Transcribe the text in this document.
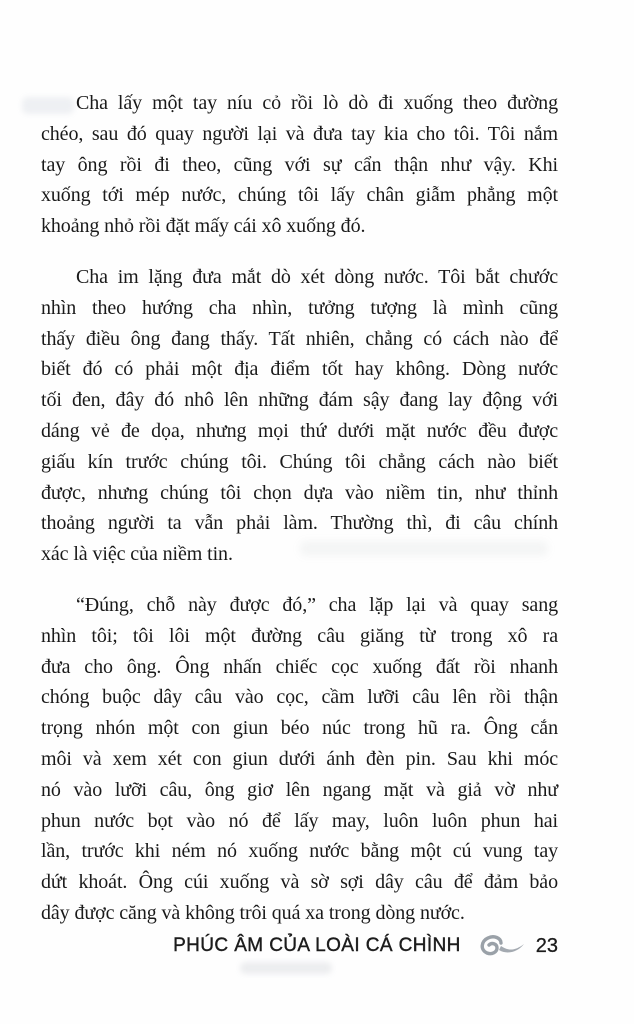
Cha lấy một tay níu cỏ rồi lò dò đi xuống theo đường
chéo, sau đó quay người lại và đưa tay kia cho tôi. Tôi nắm
tay ông rồi đi theo, cũng với sự cẩn thận như vậy. Khi
xuống tới mép nước, chúng tôi lấy chân giẫm phẳng một
khoảng nhỏ rồi đặt mấy cái xô xuống đó.

Cha im lặng đưa mắt dò xét dòng nước. Tôi bắt chước
nhìn theo hướng cha nhìn, tưởng tượng là mình cũng
thấy điều ông đang thấy. Tất nhiên, chẳng có cách nào để
biết đó có phải một địa điểm tốt hay không. Dòng nước
tối đen, đây đó nhô lên những đám sậy đang lay động với
dáng vẻ đe dọa, nhưng mọi thứ dưới mặt nước đều được
giấu kín trước chúng tôi. Chúng tôi chẳng cách nào biết
được, nhưng chúng tôi chọn dựa vào niềm tin, như thỉnh
thoảng người ta vẫn phải làm. Thường thì, đi câu chính
xác là việc của niềm tin.

“Đúng, chỗ này được đó,” cha lặp lại và quay sang
nhìn tôi; tôi lôi một đường câu giăng từ trong xô ra
đưa cho ông. Ông nhấn chiếc cọc xuống đất rồi nhanh
chóng buộc dây câu vào cọc, cầm lưỡi câu lên rồi thận
trọng nhón một con giun béo núc trong hũ ra. Ông cắn
môi và xem xét con giun dưới ánh đèn pin. Sau khi móc
nó vào lưỡi câu, ông giơ lên ngang mặt và giả vờ như
phun nước bọt vào nó để lấy may, luôn luôn phun hai
lần, trước khi ném nó xuống nước bằng một cú vung tay
dứt khoát. Ông cúi xuống và sờ sợi dây câu để đảm bảo
dây được căng và không trôi quá xa trong dòng nước.

PHÚC ÂM CỦA LOÀI CÁ CHÌNH	23
